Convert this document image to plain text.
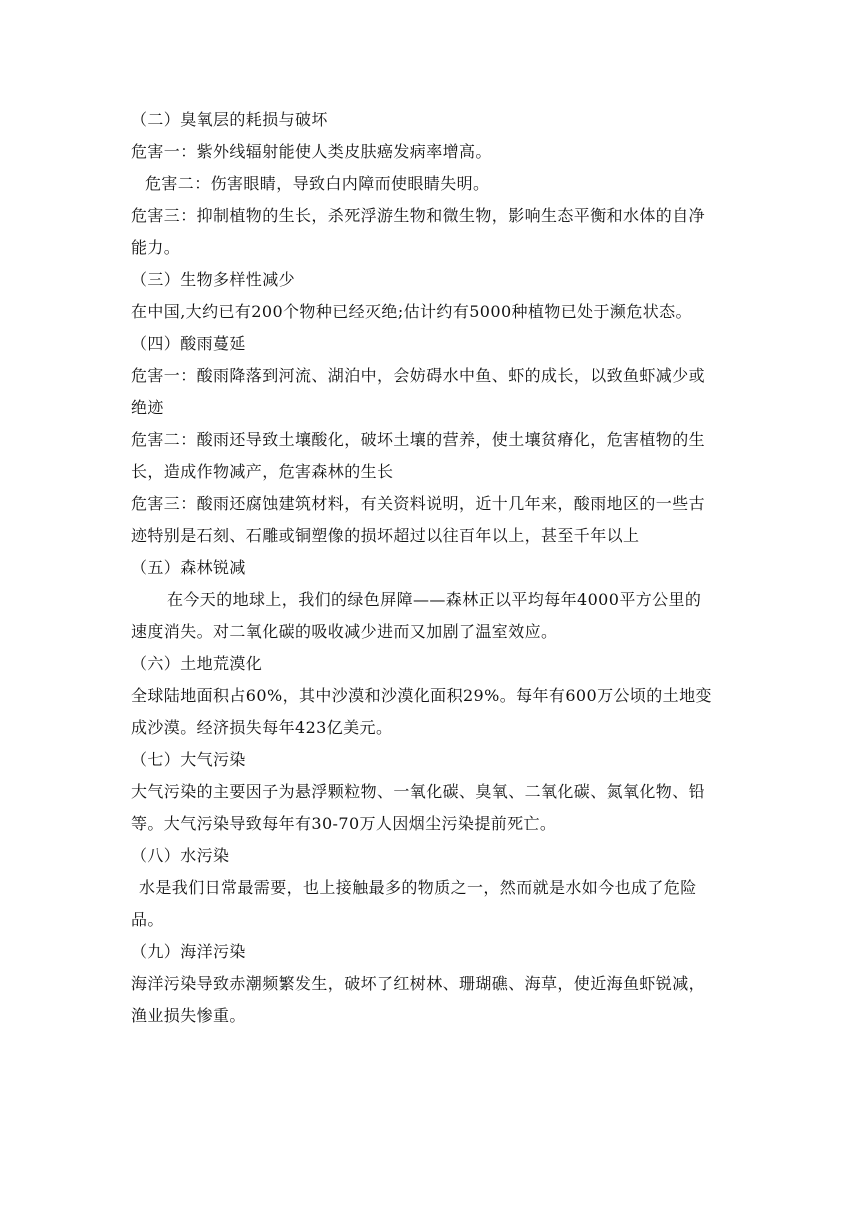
（二）臭氧层的耗损与破坏
危害一：紫外线辐射能使人类皮肤癌发病率增高。
危害二：伤害眼睛，导致白内障而使眼睛失明。
危害三：抑制植物的生长，杀死浮游生物和微生物，影响生态平衡和水体的自净
能力。
（三）生物多样性减少
在中国,大约已有200个物种已经灭绝;估计约有5000种植物已处于濒危状态。
（四）酸雨蔓延
危害一：酸雨降落到河流、湖泊中，会妨碍水中鱼、虾的成长，以致鱼虾减少或
绝迹
危害二：酸雨还导致土壤酸化，破坏土壤的营养，使土壤贫瘠化，危害植物的生
长，造成作物减产，危害森林的生长
危害三：酸雨还腐蚀建筑材料，有关资料说明，近十几年来，酸雨地区的一些古
迹特别是石刻、石雕或铜塑像的损坏超过以往百年以上，甚至千年以上
（五）森林锐减
在今天的地球上，我们的绿色屏障——森林正以平均每年4000平方公里的
速度消失。对二氧化碳的吸收减少进而又加剧了温室效应。
（六）土地荒漠化
全球陆地面积占60%，其中沙漠和沙漠化面积29%。每年有600万公顷的土地变
成沙漠。经济损失每年423亿美元。
（七）大气污染
大气污染的主要因子为悬浮颗粒物、一氧化碳、臭氧、二氧化碳、氮氧化物、铅
等。大气污染导致每年有30-70万人因烟尘污染提前死亡。
（八）水污染
水是我们日常最需要，也上接触最多的物质之一，然而就是水如今也成了危险
品。
（九）海洋污染
海洋污染导致赤潮频繁发生，破坏了红树林、珊瑚礁、海草，使近海鱼虾锐减，
渔业损失惨重。
